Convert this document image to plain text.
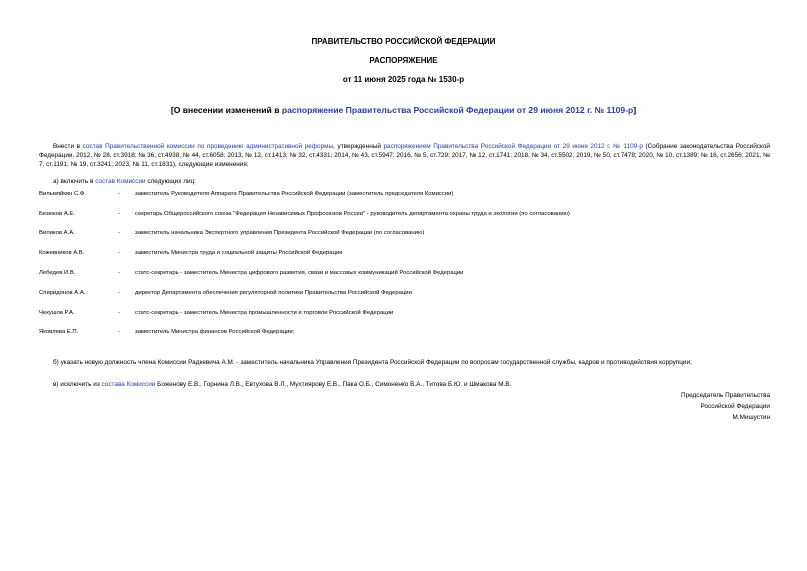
ПРАВИТЕЛЬСТВО РОССИЙСКОЙ ФЕДЕРАЦИИ
РАСПОРЯЖЕНИЕ
от 11 июня 2025 года № 1530-р
[О внесении изменений в распоряжение Правительства Российской Федерации от 29 июня 2012 г. № 1109-р]
Внести в состав Правительственной комиссии по проведению административной реформы, утвержденный распоряжением Правительства Российской Федерации от 29 июня 2012 г. № 1109-р (Собрание законодательства Российской Федерации, 2012, № 28, ст.3918; № 36, ст.4938; № 44, ст.6058; 2013, № 12, ст.1413; № 32, ст.4331; 2014, № 43, ст.5947; 2016, № 5, ст.729; 2017, № 12, ст.1741; 2018, № 34, ст.5502; 2019, № 50, ст.7478; 2020, № 10, ст.1389; № 16, ст.2656; 2021, № 7, ст.1191; № 19, ст.3241; 2023, № 11, ст.1831), следующие изменения:
а) включить в состав Комиссии следующих лиц:
Вильмяйкин С.Ф.	-	заместитель Руководителя Аппарата Правительства Российской Федерации (заместитель председателя Комиссии)
Безюков А.Е.	-	секретарь Общероссийского союза "Федерация Независимых Профсоюзов России" - руководитель департамента охраны труда и экологии (по согласованию)
Виликов А.А.	-	заместитель начальника Экспертного управления Президента Российской Федерации (по согласованию)
Кожевников А.В.	-	заместитель Министра труда и социальной защиты Российской Федерации
Лебедев И.В.	-	статс-секретарь - заместитель Министра цифрового развития, связи и массовых коммуникаций Российской Федерации
Спиридонов А.А.	-	директор Департамента обеспечения регуляторной политики Правительства Российской Федерации
Чекушов Р.А.	-	статс-секретарь - заместитель Министра промышленности и торговли Российской Федерации
Яковлева Е.П.	-	заместитель Министра финансов Российской Федерации;
б) указать новую должность члена Комиссии Радкевича А.М. - заместитель начальника Управления Президента Российской Федерации по вопросам государственной службы, кадров и противодействия коррупции;
в) исключить из состава Комиссии Боженову Е.В., Горнина Л.В., Евтухова В.Л., Мухтиярову Е.В., Пака О.Б., Симоненко В.А., Титова Б.Ю. и Шмакова М.В.
Председатель Правительства
Российской Федерации
М.Мишустин
